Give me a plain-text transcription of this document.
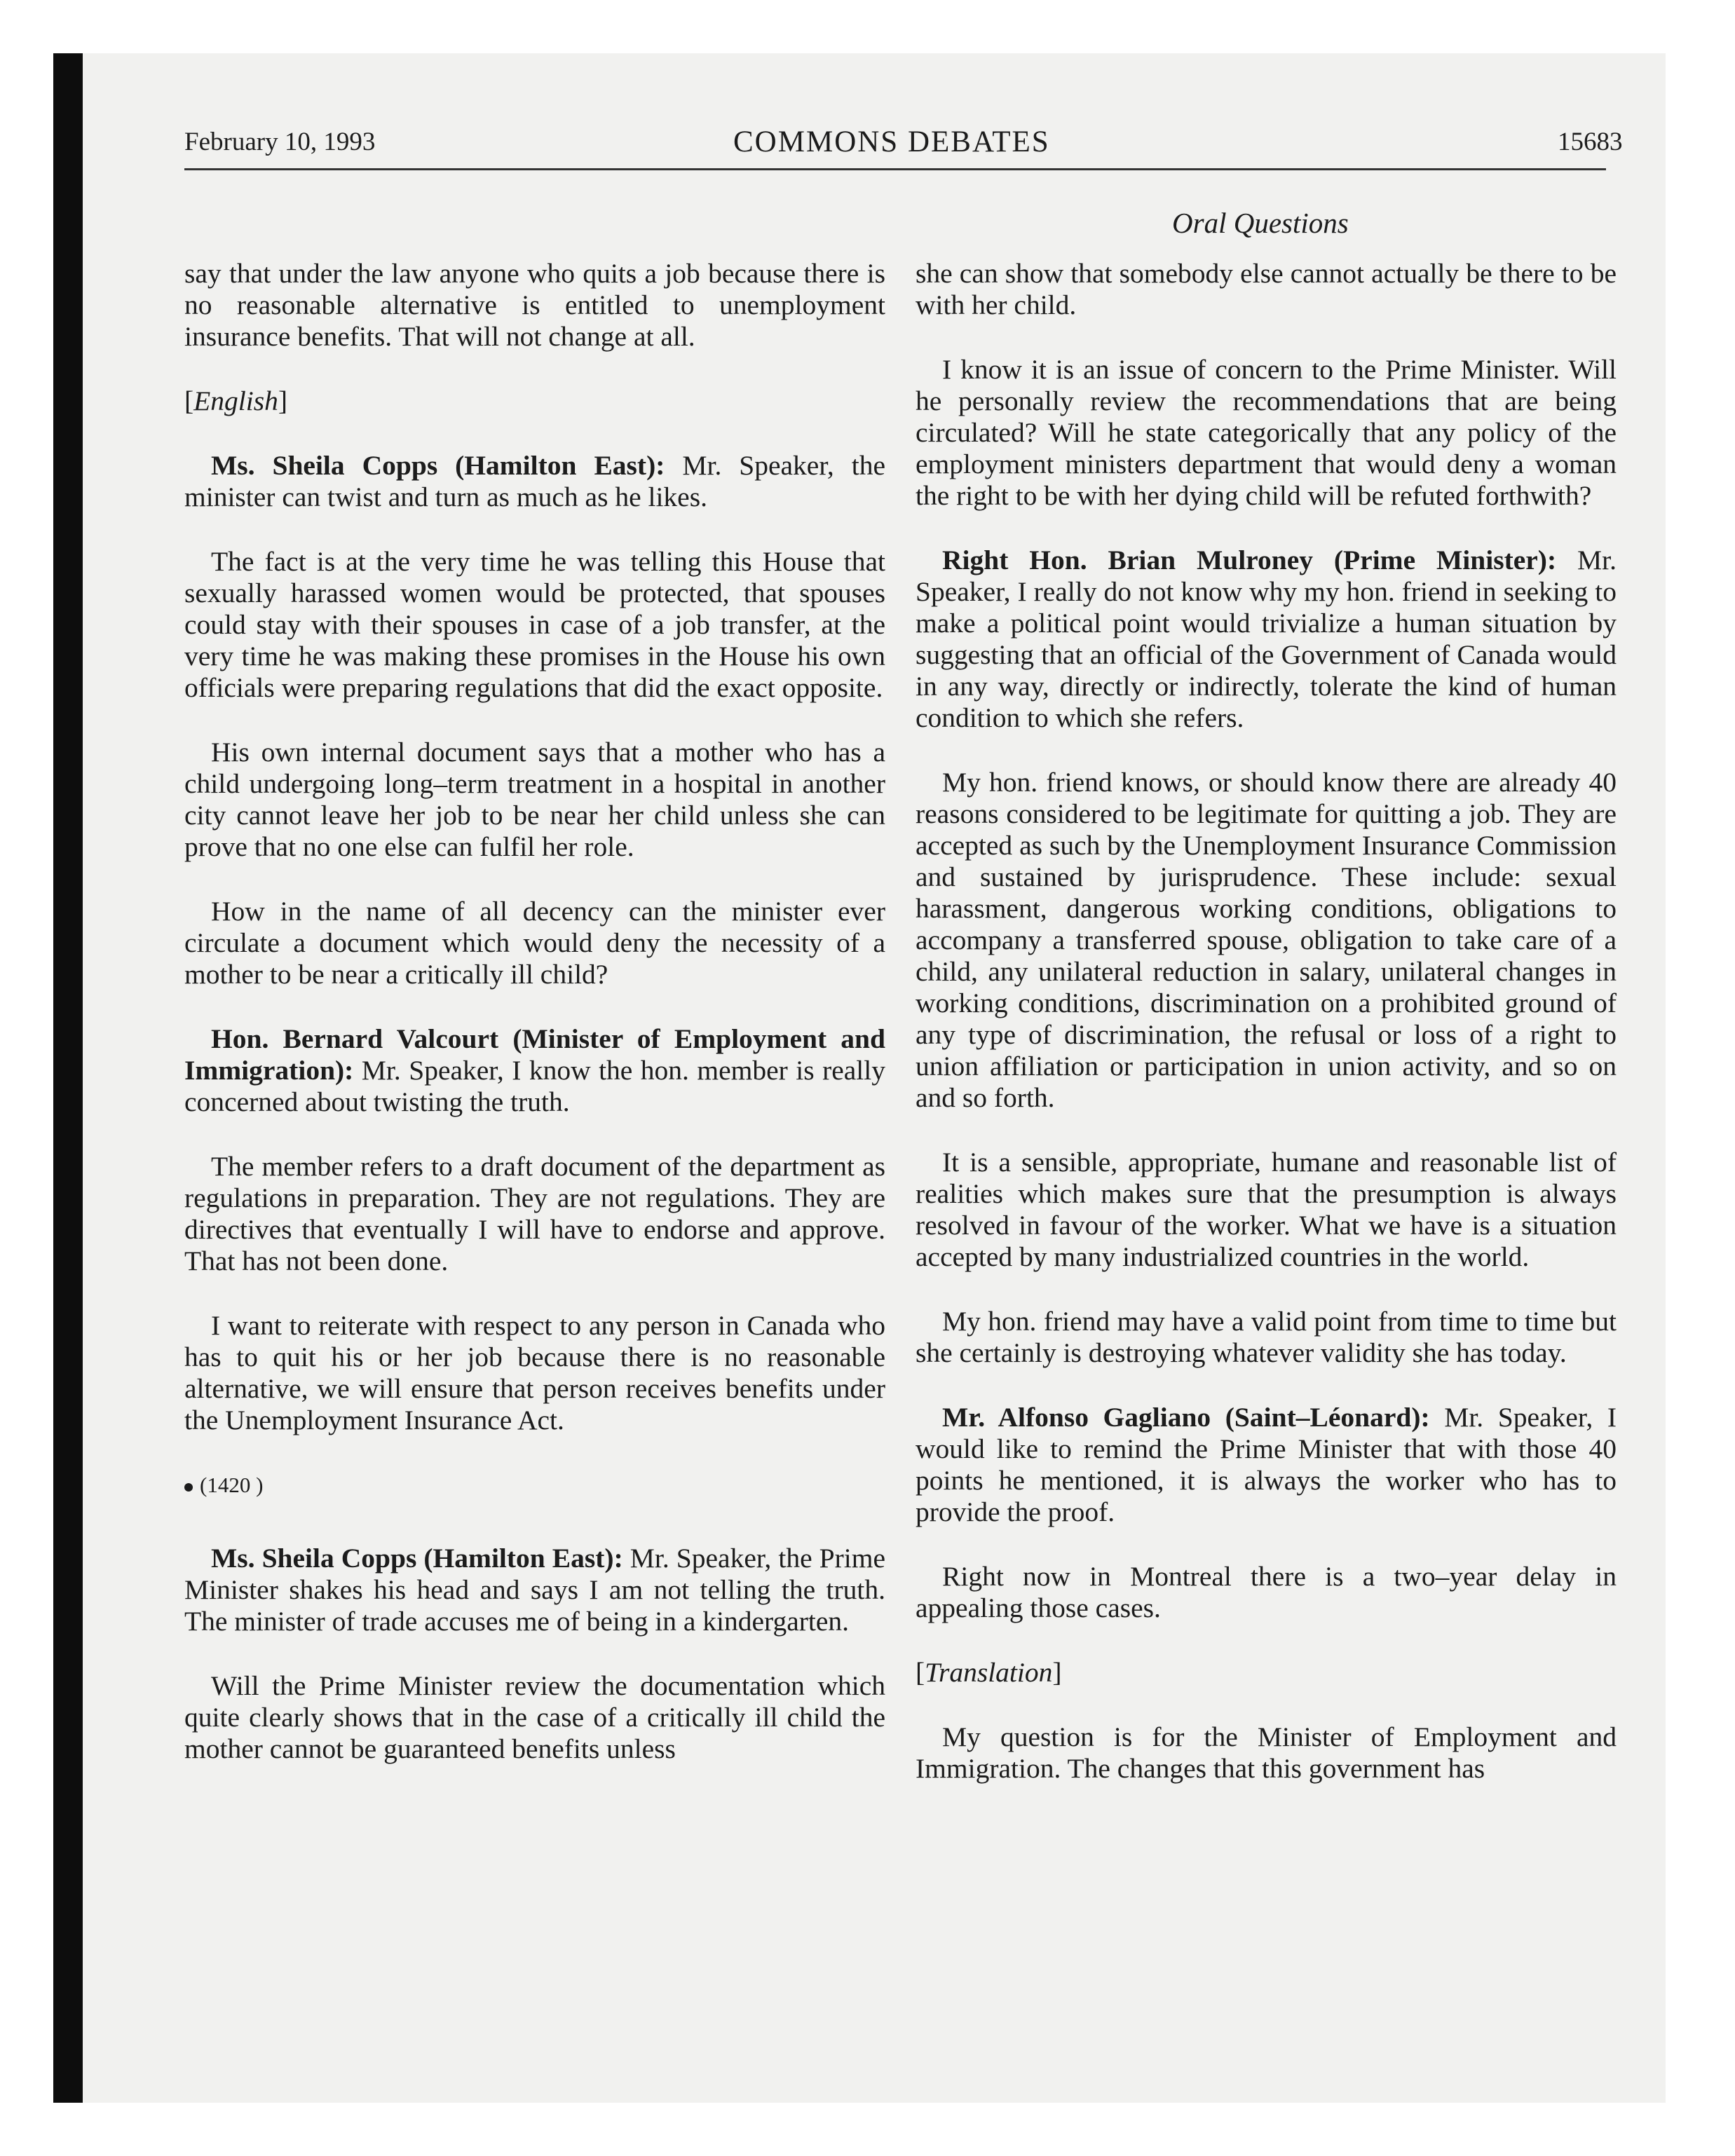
February 10, 1993	COMMONS DEBATES	15683
Oral Questions

say that under the law anyone who quits a job because there is no reasonable alternative is entitled to unemployment insurance benefits. That will not change at all.

[English]

Ms. Sheila Copps (Hamilton East): Mr. Speaker, the minister can twist and turn as much as he likes.

The fact is at the very time he was telling this House that sexually harassed women would be protected, that spouses could stay with their spouses in case of a job transfer, at the very time he was making these promises in the House his own officials were preparing regulations that did the exact opposite.

His own internal document says that a mother who has a child undergoing long–term treatment in a hospital in another city cannot leave her job to be near her child unless she can prove that no one else can fulfil her role.

How in the name of all decency can the minister ever circulate a document which would deny the necessity of a mother to be near a critically ill child?

Hon. Bernard Valcourt (Minister of Employment and Immigration): Mr. Speaker, I know the hon. member is really concerned about twisting the truth.

The member refers to a draft document of the department as regulations in preparation. They are not regulations. They are directives that eventually I will have to endorse and approve. That has not been done.

I want to reiterate with respect to any person in Canada who has to quit his or her job because there is no reasonable alternative, we will ensure that person receives benefits under the Unemployment Insurance Act.

(1420 )

Ms. Sheila Copps (Hamilton East): Mr. Speaker, the Prime Minister shakes his head and says I am not telling the truth. The minister of trade accuses me of being in a kindergarten.

Will the Prime Minister review the documentation which quite clearly shows that in the case of a critically ill child the mother cannot be guaranteed benefits unless

she can show that somebody else cannot actually be there to be with her child.

I know it is an issue of concern to the Prime Minister. Will he personally review the recommendations that are being circulated? Will he state categorically that any policy of the employment ministers department that would deny a woman the right to be with her dying child will be refuted forthwith?

Right Hon. Brian Mulroney (Prime Minister): Mr. Speaker, I really do not know why my hon. friend in seeking to make a political point would trivialize a human situation by suggesting that an official of the Government of Canada would in any way, directly or indirectly, tolerate the kind of human condition to which she refers.

My hon. friend knows, or should know there are already 40 reasons considered to be legitimate for quitting a job. They are accepted as such by the Unemployment Insurance Commission and sustained by jurisprudence. These include: sexual harassment, dangerous working conditions, obligations to accompany a transferred spouse, obligation to take care of a child, any unilateral reduction in salary, unilateral changes in working conditions, discrimination on a prohibited ground of any type of discrimination, the refusal or loss of a right to union affiliation or participation in union activity, and so on and so forth.

It is a sensible, appropriate, humane and reasonable list of realities which makes sure that the presumption is always resolved in favour of the worker. What we have is a situation accepted by many industrialized countries in the world.

My hon. friend may have a valid point from time to time but she certainly is destroying whatever validity she has today.

Mr. Alfonso Gagliano (Saint–Léonard): Mr. Speaker, I would like to remind the Prime Minister that with those 40 points he mentioned, it is always the worker who has to provide the proof.

Right now in Montreal there is a two–year delay in appealing those cases.

[Translation]

My question is for the Minister of Employment and Immigration. The changes that this government has
